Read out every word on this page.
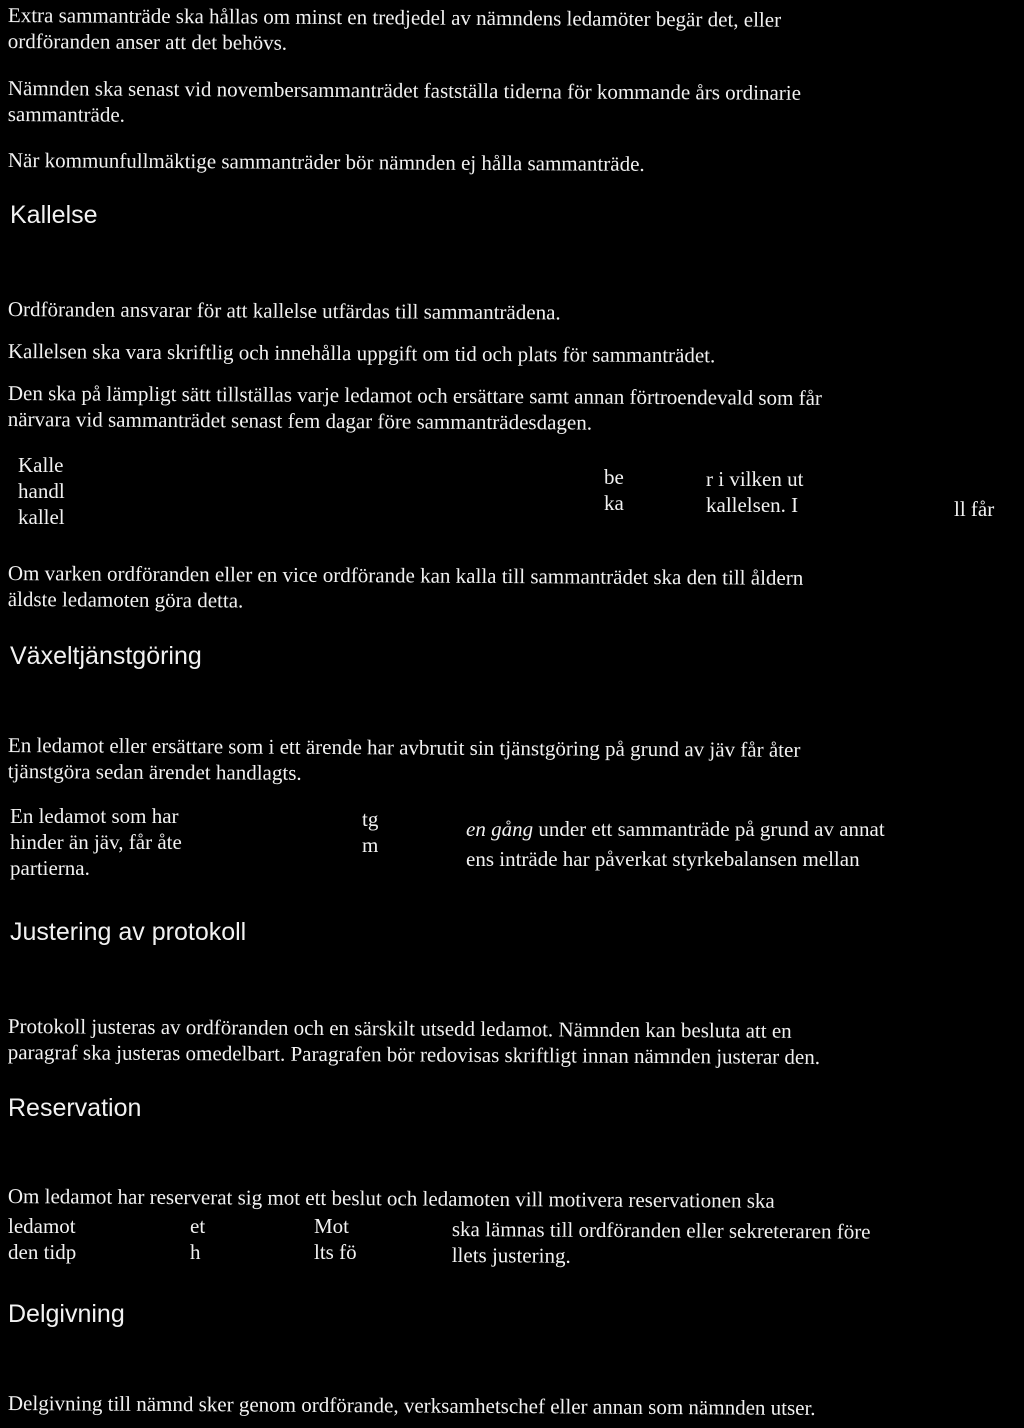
Extra sammanträde ska hållas om minst en tredjedel av nämndens ledamöter begär det, eller
ordföranden anser att det behövs.
Nämnden ska senast vid novembersammanträdet fastställa tiderna för kommande års ordinarie
sammanträde.
När kommunfullmäktige sammanträder bör nämnden ej hålla sammanträde.
Kallelse
Ordföranden ansvarar för att kallelse utfärdas till sammanträdena.
Kallelsen ska vara skriftlig och innehålla uppgift om tid och plats för sammanträdet.
Den ska på lämpligt sätt tillställas varje ledamot och ersättare samt annan förtroendevald som får
närvara vid sammanträdet senast fem dagar före sammanträdesdagen.
Kalle
handl
kallel
be
ka
r i vilken ut
kallelsen. I	ll får
Om varken ordföranden eller en vice ordförande kan kalla till sammanträdet ska den till åldern
äldste ledamoten göra detta.
Växeltjänstgöring
En ledamot eller ersättare som i ett ärende har avbrutit sin tjänstgöring på grund av jäv får åter
tjänstgöra sedan ärendet handlagts.
En ledamot som har
hinder än jäv, får åte
partierna.
tg
m
en gång under ett sammanträde på grund av annat
ens inträde har påverkat styrkebalansen mellan
Justering av protokoll
Protokoll justeras av ordföranden och en särskilt utsedd ledamot. Nämnden kan besluta att en
paragraf ska justeras omedelbart. Paragrafen bör redovisas skriftligt innan nämnden justerar den.
Reservation
Om ledamot har reserverat sig mot ett beslut och ledamoten vill motivera reservationen ska
ledamot
den tidp
et
h
Mot
lts fö
ska lämnas till ordföranden eller sekreteraren före
llets justering.
Delgivning
Delgivning till nämnd sker genom ordförande, verksamhetschef eller annan som nämnden utser.
